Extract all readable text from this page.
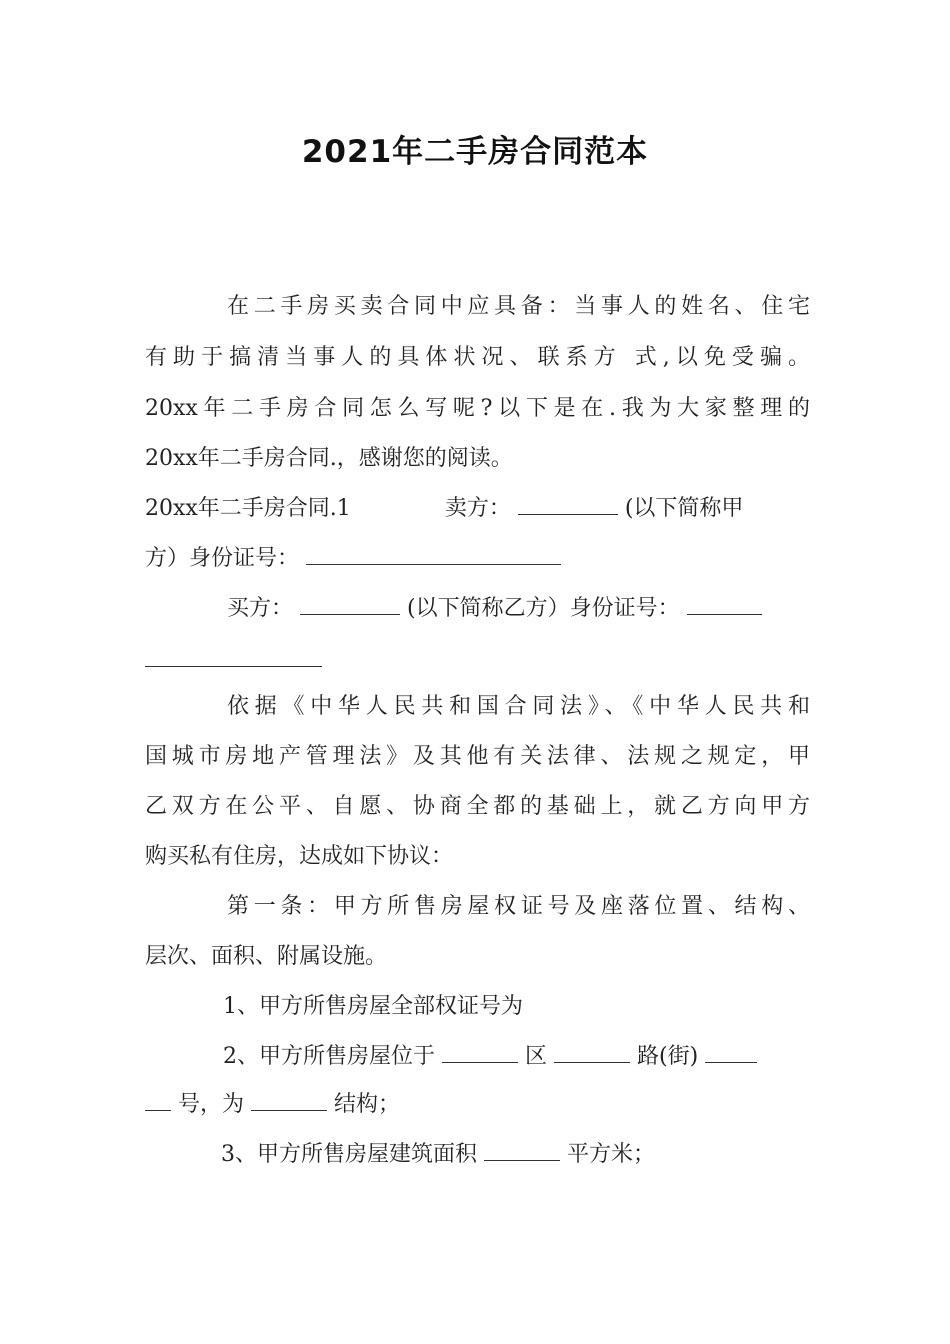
2021年二手房合同范本
在二手房买卖合同中应具备：当事人的姓名、住宅
有助于搞清当事人的具体状况、联系方 式,以免受骗。
20xx年二手房合同怎么写呢?以下是在.我为大家整理的
20xx年二手房合同.，感谢您的阅读。
20xx年二手房合同.1	卖方：	(以下简称甲
方）身份证号：
买方：	(以下简称乙方）身份证号：
依据《中华人民共和国合同法》、《中华人民共和
国城市房地产管理法》及其他有关法律、法规之规定，甲
乙双方在公平、自愿、协商全都的基础上，就乙方向甲方
购买私有住房，达成如下协议：
第一条：甲方所售房屋权证号及座落位置、结构、
层次、面积、附属设施。
1、甲方所售房屋全部权证号为
2、甲方所售房屋位于	区	路(街)
号，为	结构；
3、甲方所售房屋建筑面积	平方米；
